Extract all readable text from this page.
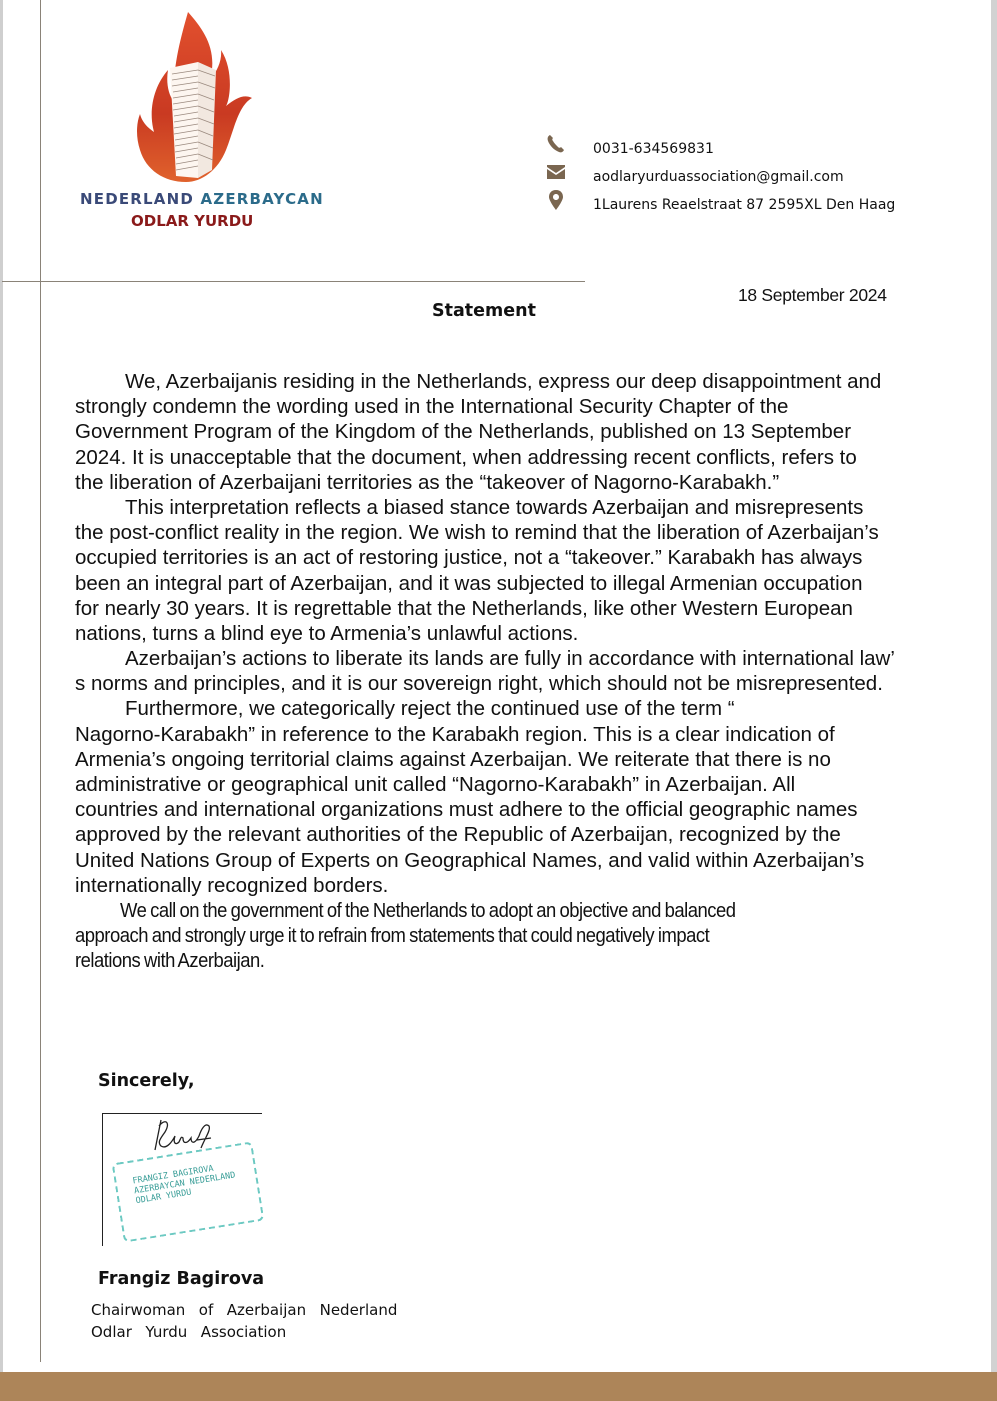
NEDERLAND AZERBAYCAN
ODLAR YURDU
0031-634569831
aodlaryurduassociation@gmail.com
1Laurens Reaelstraat 87 2595XL Den Haag
18 September 2024
Statement
We, Azerbaijanis residing in the Netherlands, express our deep disappointment and
strongly condemn the wording used in the International Security Chapter of the
Government Program of the Kingdom of the Netherlands, published on 13 September
2024. It is unacceptable that the document, when addressing recent conflicts, refers to
the liberation of Azerbaijani territories as the “takeover of Nagorno-Karabakh.”
This interpretation reflects a biased stance towards Azerbaijan and misrepresents
the post-conflict reality in the region. We wish to remind that the liberation of Azerbaijan’s
occupied territories is an act of restoring justice, not a “takeover.” Karabakh has always
been an integral part of Azerbaijan, and it was subjected to illegal Armenian occupation
for nearly 30 years. It is regrettable that the Netherlands, like other Western European
nations, turns a blind eye to Armenia’s unlawful actions.
Azerbaijan’s actions to liberate its lands are fully in accordance with international law’
s norms and principles, and it is our sovereign right, which should not be misrepresented.
Furthermore, we categorically reject the continued use of the term “
Nagorno-Karabakh” in reference to the Karabakh region. This is a clear indication of
Armenia’s ongoing territorial claims against Azerbaijan. We reiterate that there is no
administrative or geographical unit called “Nagorno-Karabakh” in Azerbaijan. All
countries and international organizations must adhere to the official geographic names
approved by the relevant authorities of the Republic of Azerbaijan, recognized by the
United Nations Group of Experts on Geographical Names, and valid within Azerbaijan’s
internationally recognized borders.
We call on the government of the Netherlands to adopt an objective and balanced
approach and strongly urge it to refrain from statements that could negatively impact
relations with Azerbaijan.
Sincerely,
FRANGIZ BAGIROVA
AZERBAYCAN NEDERLAND
ODLAR YURDU

Frangiz Bagirova
Chairwoman  of  Azerbaijan  Nederland
Odlar  Yurdu  Association
